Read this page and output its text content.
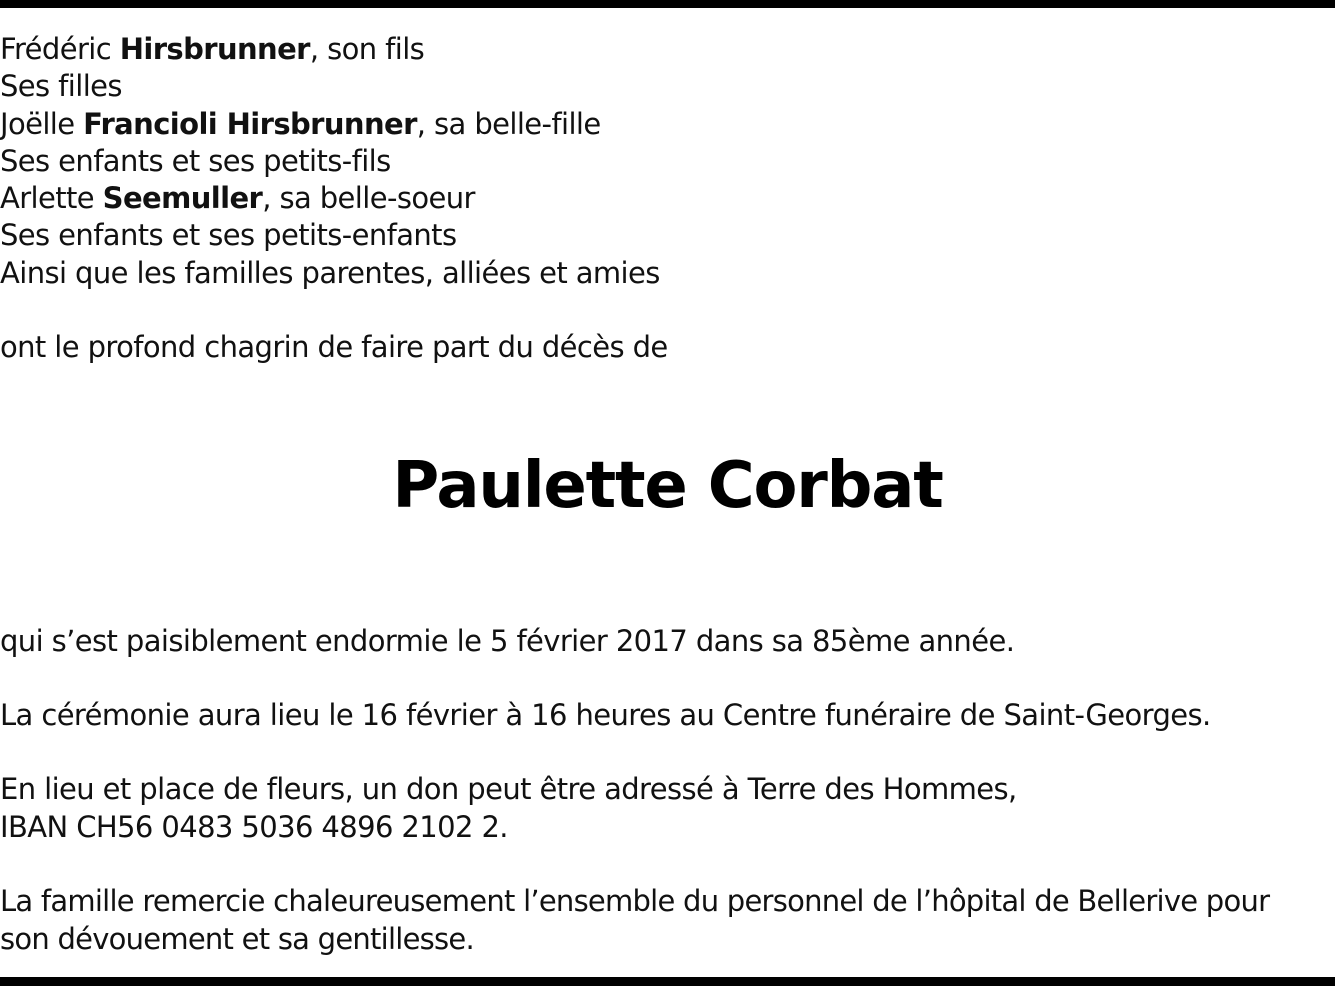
Frédéric Hirsbrunner, son fils
Ses filles
Joëlle Francioli Hirsbrunner, sa belle-fille
Ses enfants et ses petits-fils
Arlette Seemuller, sa belle-soeur
Ses enfants et ses petits-enfants
Ainsi que les familles parentes, alliées et amies

ont le profond chagrin de faire part du décès de

Paulette Corbat

qui s’est paisiblement endormie le 5 février 2017 dans sa 85ème année.

La cérémonie aura lieu le 16 février à 16 heures au Centre funéraire de Saint-Georges.

En lieu et place de fleurs, un don peut être adressé à Terre des Hommes,
IBAN CH56 0483 5036 4896 2102 2.
La famille remercie chaleureusement l’ensemble du personnel de l’hôpital de Bellerive pour
son dévouement et sa gentillesse.
